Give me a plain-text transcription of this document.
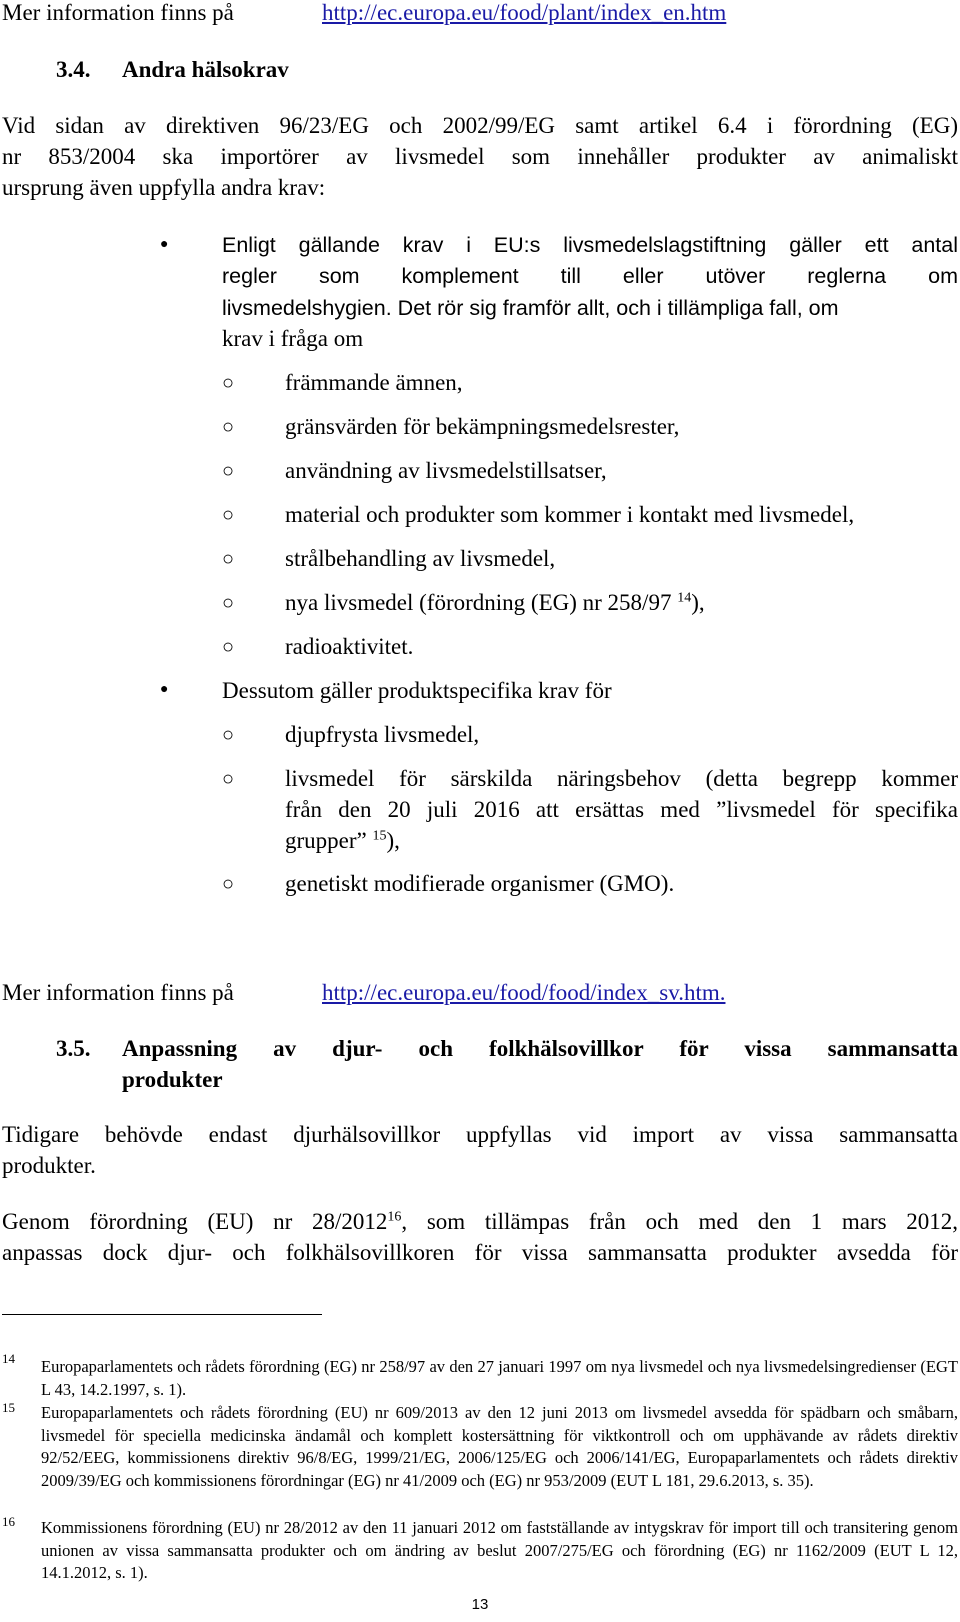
Mer information finns på	http://ec.europa.eu/food/plant/index_en.htm
3.4. Andra hälsokrav
Vid sidan av direktiven 96/23/EG och 2002/99/EG samt artikel 6.4 i förordning (EG)
nr 853/2004 ska importörer av livsmedel som innehåller produkter av animaliskt
ursprung även uppfylla andra krav:
● Enligt gällande krav i EU:s livsmedelslagstiftning gäller ett antal
regler som komplement till eller utöver reglerna om
livsmedelshygien. Det rör sig framför allt, och i tillämpliga fall, om
krav i fråga om
○ främmande ämnen,
○ gränsvärden för bekämpningsmedelsrester,
○ användning av livsmedelstillsatser,
○ material och produkter som kommer i kontakt med livsmedel,
○ strålbehandling av livsmedel,
○ nya livsmedel (förordning (EG) nr 258/97 $^{14}$),
○ radioaktivitet.
● Dessutom gäller produktspecifika krav för
○ djupfrysta livsmedel,
○ livsmedel för särskilda näringsbehov (detta begrepp kommer
från den 20 juli 2016 att ersättas med ”livsmedel för specifika
grupper” $^{15}$),
○ genetiskt modifierade organismer (GMO).
Mer information finns på	http://ec.europa.eu/food/food/index_sv.htm.
3.5. Anpassning av djur- och folkhälsovillkor för vissa sammansatta
produkter
Tidigare behövde endast djurhälsovillkor uppfyllas vid import av vissa sammansatta
produkter.
Genom förordning (EU) nr 28/2012$^{16}$, som tillämpas från och med den 1 mars 2012,
anpassas dock djur- och folkhälsovillkoren för vissa sammansatta produkter avsedda för
14 Europaparlamentets och rådets förordning (EG) nr 258/97 av den 27 januari 1997 om nya livsmedel och nya livsmedelsingredienser (EGT L 43, 14.2.1997, s. 1).
15 Europaparlamentets och rådets förordning (EU) nr 609/2013 av den 12 juni 2013 om livsmedel avsedda för spädbarn och småbarn, livsmedel för speciella medicinska ändamål och komplett kostersättning för viktkontroll och om upphävande av rådets direktiv 92/52/EEG, kommissionens direktiv 96/8/EG, 1999/21/EG, 2006/125/EG och 2006/141/EG, Europaparlamentets och rådets direktiv 2009/39/EG och kommissionens förordningar (EG) nr 41/2009 och (EG) nr 953/2009 (EUT L 181, 29.6.2013, s. 35).
16 Kommissionens förordning (EU) nr 28/2012 av den 11 januari 2012 om fastställande av intygskrav för import till och transitering genom unionen av vissa sammansatta produkter och om ändring av beslut 2007/275/EG och förordning (EG) nr 1162/2009 (EUT L 12, 14.1.2012, s. 1).
13
